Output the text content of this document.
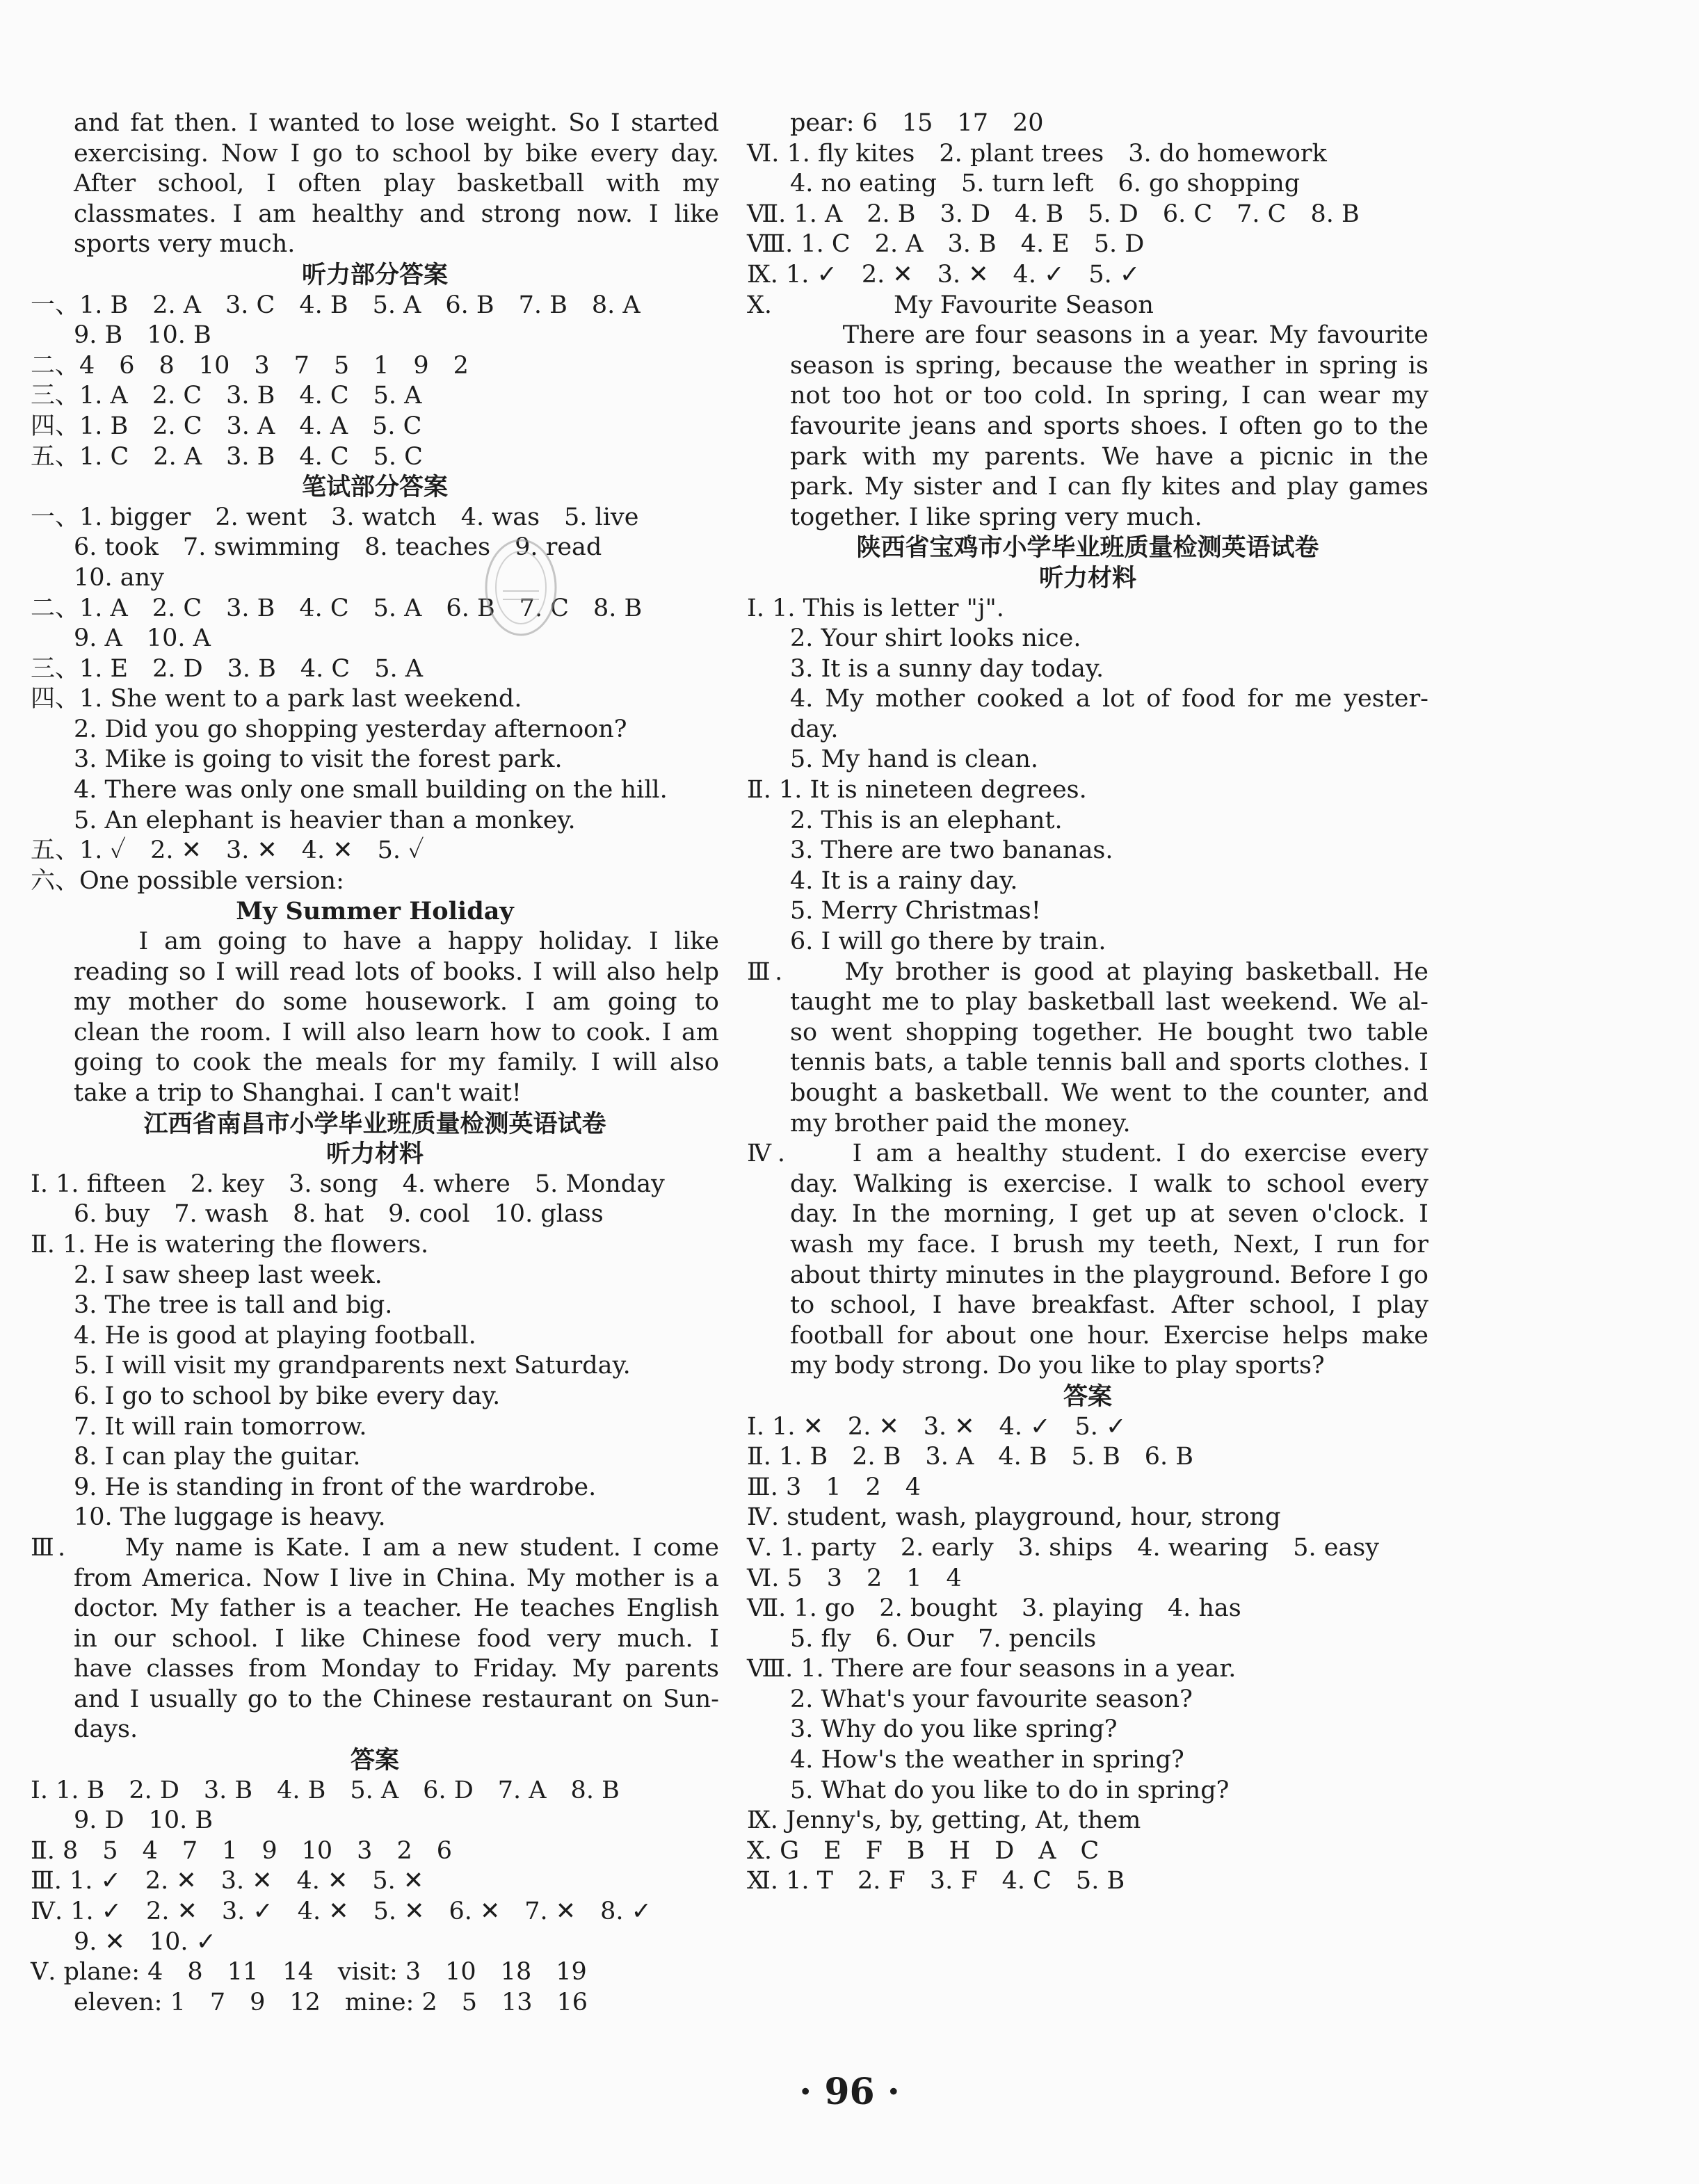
and fat then. I wanted to lose weight. So I started
exercising. Now I go to school by bike every day.
After school, I often play basketball with my
classmates. I am healthy and strong now. I like
sports very much.
听力部分答案
一、1. B　2. A　3. C　4. B　5. A　6. B　7. B　8. A
9. B　10. B
二、4　6　8　10　3　7　5　1　9　2
三、1. A　2. C　3. B　4. C　5. A
四、1. B　2. C　3. A　4. A　5. C
五、1. C　2. A　3. B　4. C　5. C
笔试部分答案
一、1. bigger　2. went　3. watch　4. was　5. live
6. took　7. swimming　8. teaches　9. read
10. any
二、1. A　2. C　3. B　4. C　5. A　6. B　7. C　8. B
9. A　10. A
三、1. E　2. D　3. B　4. C　5. A
四、1. She went to a park last weekend.
2. Did you go shopping yesterday afternoon?
3. Mike is going to visit the forest park.
4. There was only one small building on the hill.
5. An elephant is heavier than a monkey.
五、1. ✓　2. ✕　3. ✕　4. ✕　5. ✓
六、One possible version:
My Summer Holiday
　　I am going to have a happy holiday. I like
reading so I will read lots of books. I will also help
my mother do some housework. I am going to
clean the room. I will also learn how to cook. I am
going to cook the meals for my family. I will also
take a trip to Shanghai. I can't wait!
江西省南昌市小学毕业班质量检测英语试卷
听力材料
Ⅰ. 1. fifteen　2. key　3. song　4. where　5. Monday
6. buy　7. wash　8. hat　9. cool　10. glass
Ⅱ. 1. He is watering the flowers.
2. I saw sheep last week.
3. The tree is tall and big.
4. He is good at playing football.
5. I will visit my grandparents next Saturday.
6. I go to school by bike every day.
7. It will rain tomorrow.
8. I can play the guitar.
9. He is standing in front of the wardrobe.
10. The luggage is heavy.
Ⅲ.　　My name is Kate. I am a new student. I come
from America. Now I live in China. My mother is a
doctor. My father is a teacher. He teaches English
in our school. I like Chinese food very much. I
have classes from Monday to Friday. My parents
and I usually go to the Chinese restaurant on Sun-
days.
答案
Ⅰ. 1. B　2. D　3. B　4. B　5. A　6. D　7. A　8. B
9. D　10. B
Ⅱ. 8　5　4　7　1　9　10　3　2　6
Ⅲ. 1. ✓　2. ✕　3. ✕　4. ✕　5. ✕
Ⅳ. 1. ✓　2. ✕　3. ✓　4. ✕　5. ✕　6. ✕　7. ✕　8. ✓
9. ✕　10. ✓
Ⅴ. plane: 4　8　11　14　visit: 3　10　18　19
eleven: 1　7　9　12　mine: 2　5　13　16
pear: 6　15　17　20
Ⅵ. 1. fly kites　2. plant trees　3. do homework
4. no eating　5. turn left　6. go shopping
Ⅶ. 1. A　2. B　3. D　4. B　5. D　6. C　7. C　8. B
Ⅷ. 1. C　2. A　3. B　4. E　5. D
Ⅸ. 1. ✓　2. ✕　3. ✕　4. ✓　5. ✓
Ⅹ.　　　　　My Favourite Season
　　There are four seasons in a year. My favourite
season is spring, because the weather in spring is
not too hot or too cold. In spring, I can wear my
favourite jeans and sports shoes. I often go to the
park with my parents. We have a picnic in the
park. My sister and I can fly kites and play games
together. I like spring very much.
陕西省宝鸡市小学毕业班质量检测英语试卷
听力材料
Ⅰ. 1. This is letter "j".
2. Your shirt looks nice.
3. It is a sunny day today.
4. My mother cooked a lot of food for me yester-
day.
5. My hand is clean.
Ⅱ. 1. It is nineteen degrees.
2. This is an elephant.
3. There are two bananas.
4. It is a rainy day.
5. Merry Christmas!
6. I will go there by train.
Ⅲ.　　My brother is good at playing basketball. He
taught me to play basketball last weekend. We al-
so went shopping together. He bought two table
tennis bats, a table tennis ball and sports clothes. I
bought a basketball. We went to the counter, and
my brother paid the money.
Ⅳ.　　I am a healthy student. I do exercise every
day. Walking is exercise. I walk to school every
day. In the morning, I get up at seven o'clock. I
wash my face. I brush my teeth, Next, I run for
about thirty minutes in the playground. Before I go
to school, I have breakfast. After school, I play
football for about one hour. Exercise helps make
my body strong. Do you like to play sports?
答案
Ⅰ. 1. ✕　2. ✕　3. ✕　4. ✓　5. ✓
Ⅱ. 1. B　2. B　3. A　4. B　5. B　6. B
Ⅲ. 3　1　2　4
Ⅳ. student, wash, playground, hour, strong
Ⅴ. 1. party　2. early　3. ships　4. wearing　5. easy
Ⅵ. 5　3　2　1　4
Ⅶ. 1. go　2. bought　3. playing　4. has
5. fly　6. Our　7. pencils
Ⅷ. 1. There are four seasons in a year.
2. What's your favourite season?
3. Why do you like spring?
4. How's the weather in spring?
5. What do you like to do in spring?
Ⅸ. Jenny's, by, getting, At, them
Ⅹ. G　E　F　B　H　D　A　C
Ⅺ. 1. T　2. F　3. F　4. C　5. B
· 96 ·
